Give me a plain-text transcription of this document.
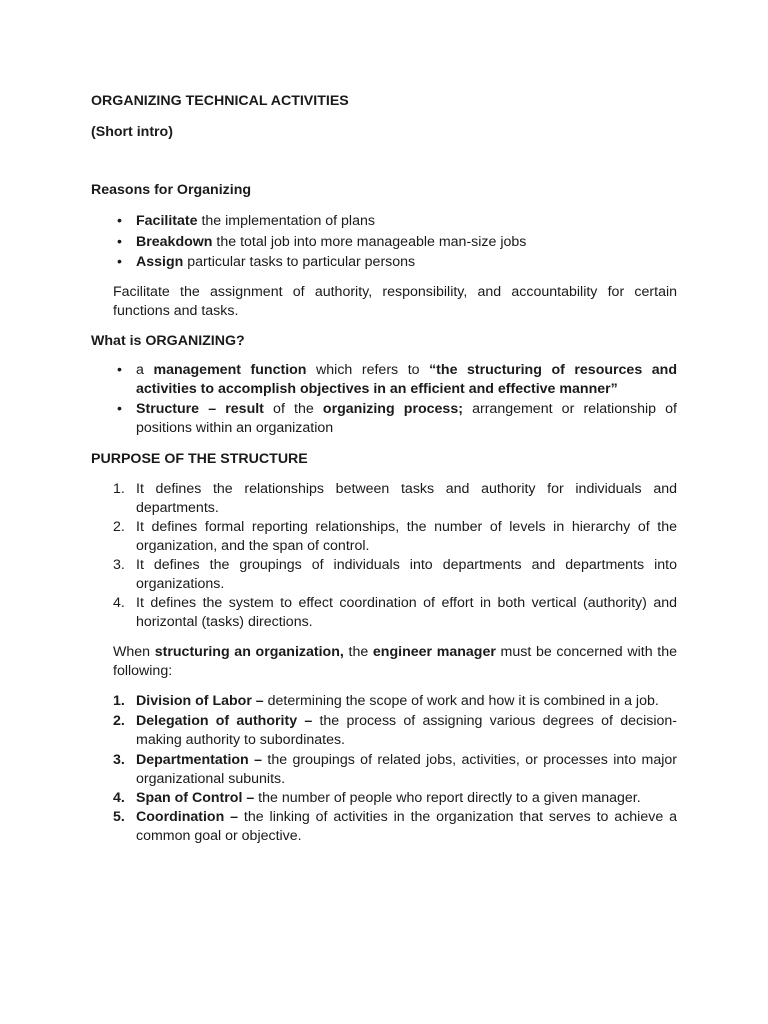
ORGANIZING TECHNICAL ACTIVITIES

(Short intro)

Reasons for Organizing

• Facilitate the implementation of plans
• Breakdown the total job into more manageable man-size jobs
• Assign particular tasks to particular persons

Facilitate the assignment of authority, responsibility, and accountability for certain functions and tasks.

What is ORGANIZING?

• a management function which refers to “the structuring of resources and activities to accomplish objectives in an efficient and effective manner”
• Structure – result of the organizing process; arrangement or relationship of positions within an organization

PURPOSE OF THE STRUCTURE

1. It defines the relationships between tasks and authority for individuals and departments.
2. It defines formal reporting relationships, the number of levels in hierarchy of the organization, and the span of control.
3. It defines the groupings of individuals into departments and departments into organizations.
4. It defines the system to effect coordination of effort in both vertical (authority) and horizontal (tasks) directions.

When structuring an organization, the engineer manager must be concerned with the following:

1. Division of Labor – determining the scope of work and how it is combined in a job.
2. Delegation of authority – the process of assigning various degrees of decision-making authority to subordinates.
3. Departmentation – the groupings of related jobs, activities, or processes into major organizational subunits.
4. Span of Control – the number of people who report directly to a given manager.
5. Coordination – the linking of activities in the organization that serves to achieve a common goal or objective.
